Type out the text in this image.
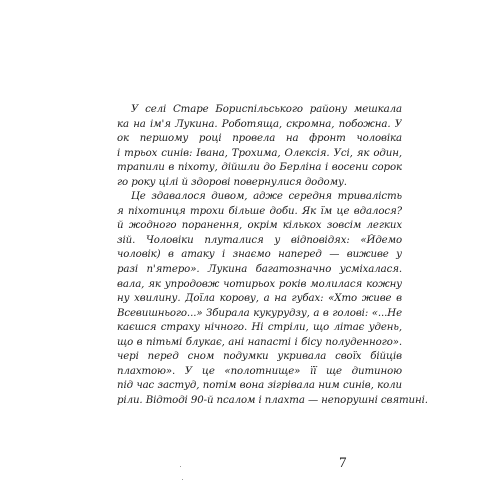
У селі Старе Бориспільського району мешкала
ка на ім'я Лукина. Роботяща, скромна, побожна. У
ок першому році провела на фронт чоловіка
і трьох синів: Івана, Трохима, Олексія. Усі, як один,
трапили в піхоту, дійшли до Берліна і восени сорок
го року цілі й здорові повернулися додому.
Це здавалося дивом, адже середня тривалість
я піхотинця трохи більше доби. Як їм це вдалося?
й жодного поранення, окрім кількох зовсім легких
зій. Чоловіки плуталися у відповідях: «Йдемо
чоловік) в атаку і знаємо наперед — виживе у
разі п'ятеро». Лукина багатозначно усміхалася.
вала, як упродовж чотирьох років молилася кожну
ну хвилину. Доїла корову, а на губах: «Хто живе в
Всевишнього...» Збирала кукурудзу, а в голові: «...Не
каєшся страху нічного. Ні стріли, що літає удень,
що в пітьмі блукає, ані напасті і бісу полуденного».
чері перед сном подумки укривала своїх бійців
плахтою». У це «полотнище» її ще дитиною
під час застуд, потім вона зігрівала ним синів, коли
ріли. Відтоді 90-й псалом і плахта — непорушні святині.
7
